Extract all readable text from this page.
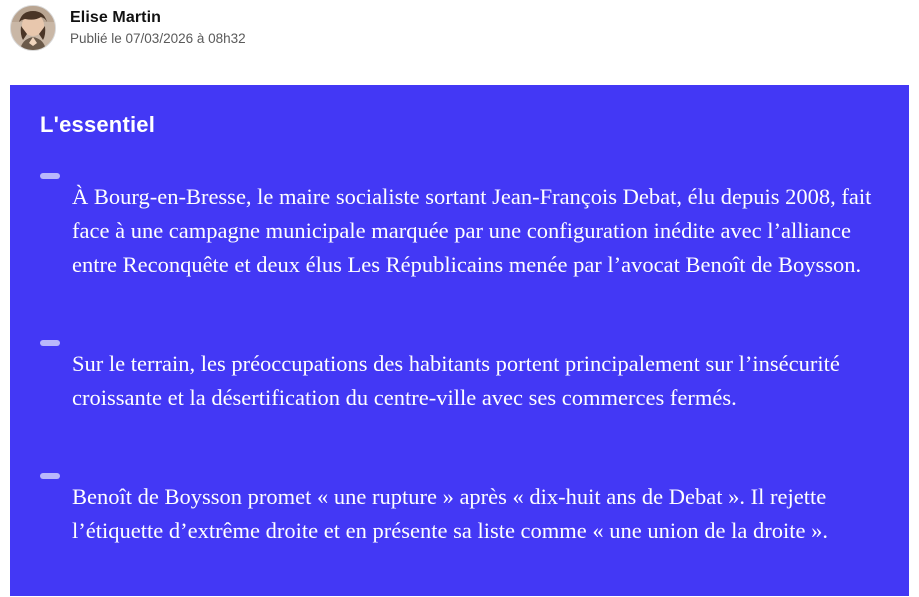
Elise Martin
Publié le 07/03/2026 à 08h32
L'essentiel

À Bourg-en-Bresse, le maire socialiste sortant Jean-François Debat, élu depuis 2008, fait face à une campagne municipale marquée par une configuration inédite avec l’alliance entre Reconquête et deux élus Les Républicains menée par l’avocat Benoît de Boysson.

Sur le terrain, les préoccupations des habitants portent principalement sur l’insécurité croissante et la désertification du centre-ville avec ses commerces fermés.

Benoît de Boysson promet « une rupture » après « dix-huit ans de Debat ». Il rejette l’étiquette d’extrême droite et en présente sa liste comme « une union de la droite ».
